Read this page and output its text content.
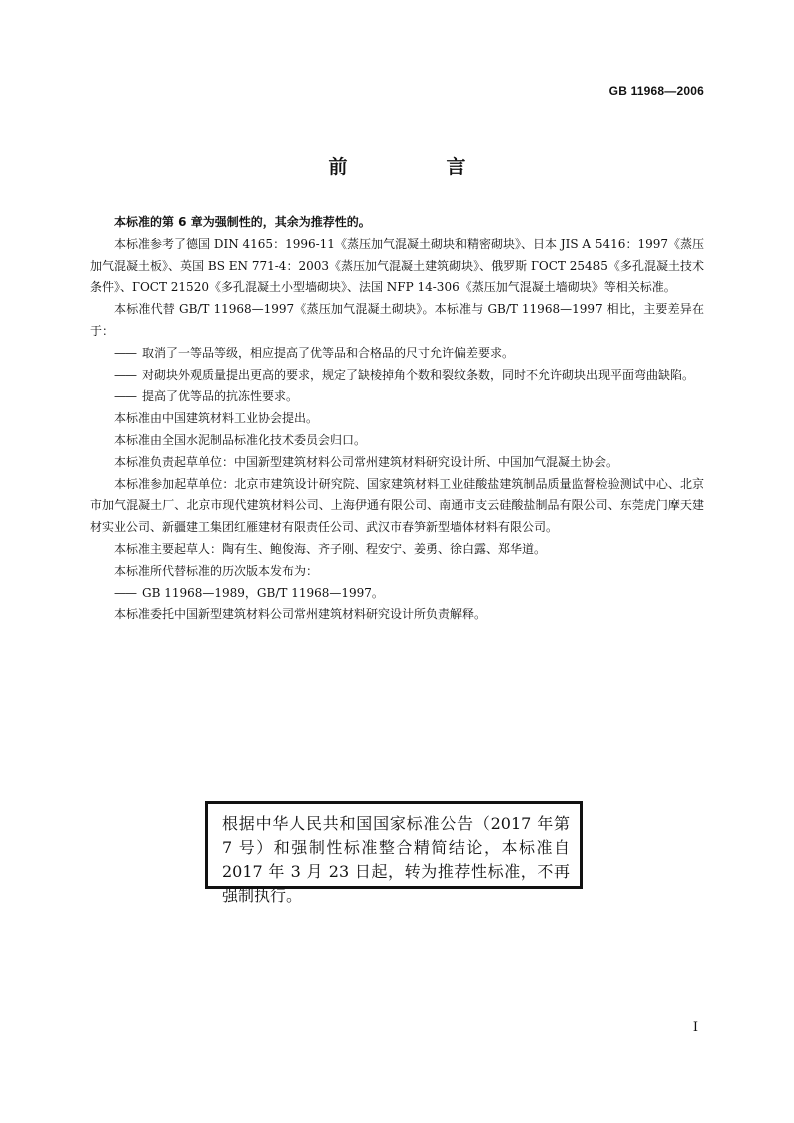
GB 11968—2006
前　言

本标准的第 6 章为强制性的，其余为推荐性的。

本标准参考了德国 DIN 4165：1996-11《蒸压加气混凝土砌块和精密砌块》、日本 JIS A 5416：1997《蒸压加气混凝土板》、英国 BS EN 771-4：2003《蒸压加气混凝土建筑砌块》、俄罗斯 ГОСТ 25485《多孔混凝土技术条件》、ГОСТ 21520《多孔混凝土小型墙砌块》、法国 NFP 14-306《蒸压加气混凝土墙砌块》等相关标准。

本标准代替 GB/T 11968—1997《蒸压加气混凝土砌块》。本标准与 GB/T 11968—1997 相比，主要差异在于：

—— 取消了一等品等级，相应提高了优等品和合格品的尺寸允许偏差要求。

—— 对砌块外观质量提出更高的要求，规定了缺棱掉角个数和裂纹条数，同时不允许砌块出现平面弯曲缺陷。

—— 提高了优等品的抗冻性要求。

本标准由中国建筑材料工业协会提出。

本标准由全国水泥制品标准化技术委员会归口。

本标准负责起草单位：中国新型建筑材料公司常州建筑材料研究设计所、中国加气混凝土协会。

本标准参加起草单位：北京市建筑设计研究院、国家建筑材料工业硅酸盐建筑制品质量监督检验测试中心、北京市加气混凝土厂、北京市现代建筑材料公司、上海伊通有限公司、南通市支云硅酸盐制品有限公司、东莞虎门摩天建材实业公司、新疆建工集团红雁建材有限责任公司、武汉市春笋新型墙体材料有限公司。

本标准主要起草人：陶有生、鲍俊海、齐子刚、程安宁、姜勇、徐白露、郑华道。

本标准所代替标准的历次版本发布为：

—— GB 11968—1989，GB/T 11968—1997。

本标准委托中国新型建筑材料公司常州建筑材料研究设计所负责解释。

根据中华人民共和国国家标准公告（2017 年第 7 号）和强制性标准整合精简结论，本标准自 2017 年 3 月 23 日起，转为推荐性标准，不再强制执行。
I
